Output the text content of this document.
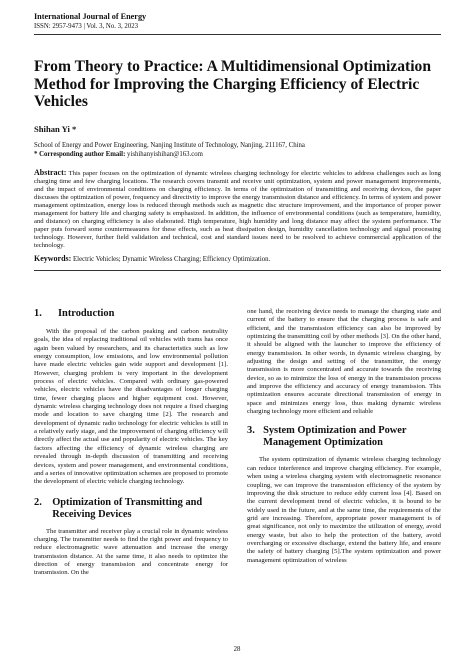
International Journal of Energy
ISSN: 2957-9473 | Vol. 3, No. 3, 2023
From Theory to Practice: A Multidimensional Optimization Method for Improving the Charging Efficiency of Electric Vehicles
Shihan Yi *
School of Energy and Power Engineering, Nanjing Institute of Technology, Nanjing, 211167, China
* Corresponding author Email: yishihanyishihan@163.com
Abstract: This paper focuses on the optimization of dynamic wireless charging technology for electric vehicles to address challenges such as long charging time and few charging locations. The research covers transmit and receive unit optimization, system and power management improvements, and the impact of environmental conditions on charging efficiency. In terms of the optimization of transmitting and receiving devices, the paper discusses the optimization of power, frequency and directivity to improve the energy transmission distance and efficiency. In terms of system and power management optimization, energy loss is reduced through methods such as magnetic disc structure improvement, and the importance of proper power management for battery life and charging safety is emphasized. In addition, the influence of environmental conditions (such as temperature, humidity, and distance) on charging efficiency is also elaborated. High temperature, high humidity and long distance may affect the system performance. The paper puts forward some countermeasures for these effects, such as heat dissipation design, humidity cancellation technology and signal processing technology. However, further field validation and technical, cost and standard issues need to be resolved to achieve commercial application of the technology.
Keywords: Electric Vehicles; Dynamic Wireless Charging; Efficiency Optimization.
1. Introduction

With the proposal of the carbon peaking and carbon neutrality goals, the idea of replacing traditional oil vehicles with trams has once again been valued by researchers, and its characteristics such as low energy consumption, low emissions, and low environmental pollution have made electric vehicles gain wide support and development [1]. However, charging problem is very important in the development process of electric vehicles. Compared with ordinary gas-powered vehicles, electric vehicles have the disadvantages of longer charging time, fewer charging places and higher equipment cost. However, dynamic wireless charging technology does not require a fixed charging mode and location to save charging time [2]. The research and development of dynamic radio technology for electric vehicles is still in a relatively early stage, and the improvement of charging efficiency will directly affect the actual use and popularity of electric vehicles. The key factors affecting the efficiency of dynamic wireless charging are revealed through in-depth discussion of transmitting and receiving devices, system and power management, and environmental conditions, and a series of innovative optimization schemes are proposed to promote the development of electric vehicle charging technology.

2. Optimization of Transmitting and Receiving Devices

The transmitter and receiver play a crucial role in dynamic wireless charging. The transmitter needs to find the right power and frequency to reduce electromagnetic wave attenuation and increase the energy transmission distance. At the same time, it also needs to optimize the direction of energy transmission and concentrate energy for transmission. On the

one hand, the receiving device needs to manage the charging state and current of the battery to ensure that the charging process is safe and efficient, and the transmission efficiency can also be improved by optimizing the transmitting coil by other methods [3]. On the other hand, it should be aligned with the launcher to improve the efficiency of energy transmission. In other words, in dynamic wireless charging, by adjusting the design and setting of the transmitter, the energy transmission is more concentrated and accurate towards the receiving device, so as to minimize the loss of energy in the transmission process and improve the efficiency and accuracy of energy transmission. This optimization ensures accurate directional transmission of energy in space and minimizes energy loss, thus making dynamic wireless charging technology more efficient and reliable

3. System Optimization and Power Management Optimization

The system optimization of dynamic wireless charging technology can reduce interference and improve charging efficiency. For example, when using a wireless charging system with electromagnetic resonance coupling, we can improve the transmission efficiency of the system by improving the disk structure to reduce eddy current loss [4]. Based on the current development trend of electric vehicles, it is bound to be widely used in the future, and at the same time, the requirements of the grid are increasing. Therefore, appropriate power management is of great significance, not only to maximize the utilization of energy, avoid energy waste, but also to help the protection of the battery, avoid overcharging or excessive discharge, extend the battery life, and ensure the safety of battery charging [5].The system optimization and power management optimization of wireless

28
